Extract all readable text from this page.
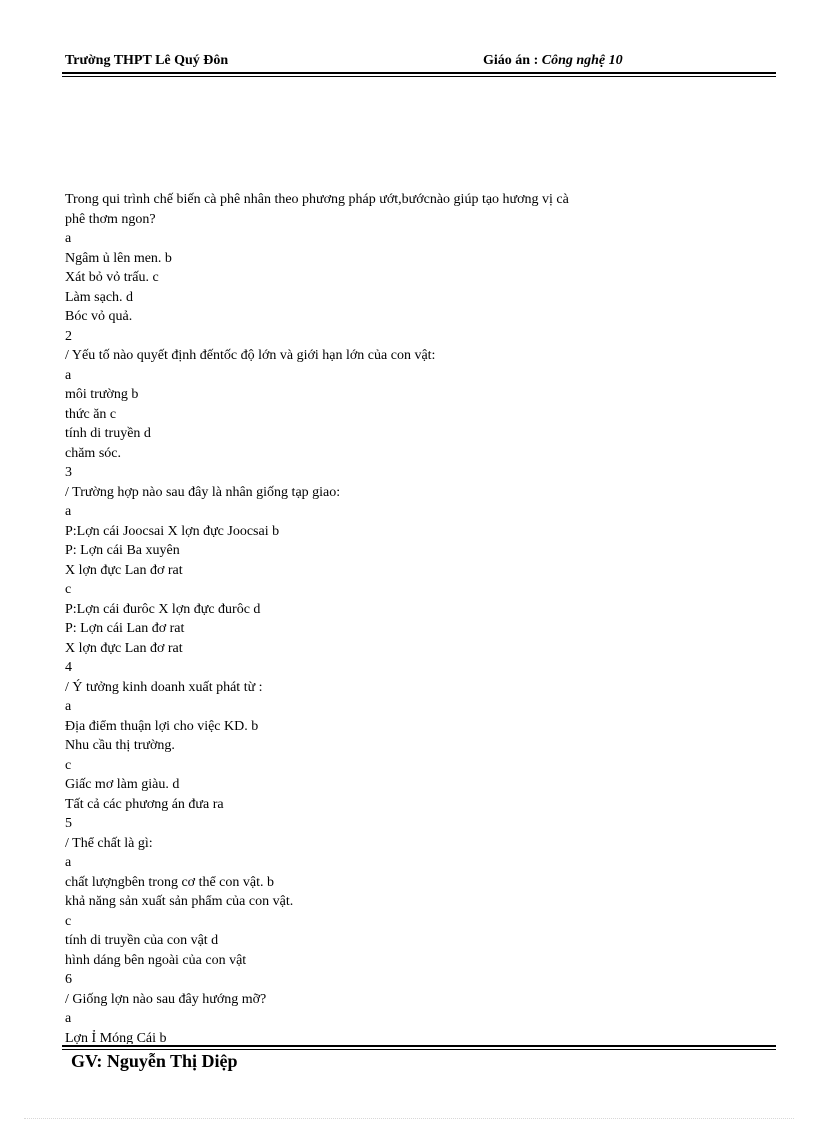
Trường THPT Lê Quý Đôn	Giáo án : Công nghệ 10
Trong qui trình chế biến cà phê nhân theo phương pháp ướt,bướcnào giúp tạo hương vị cà
phê thơm ngon?
a
Ngâm ủ lên men. b
Xát bỏ vỏ trấu. c
Làm sạch. d
Bóc vỏ quả.
2
/ Yếu tố nào quyết định đếntốc độ lớn và giới hạn lớn của con vật:
a
môi trường b
thức ăn c
tính di truyền d
chăm sóc.
3
/ Trường hợp nào sau đây là nhân giống tạp giao:
a
P:Lợn cái Joocsai X lợn đực Joocsai b
P: Lợn cái Ba xuyên
X lợn đực Lan đơ rat
c
P:Lợn cái đurôc X lợn đực đurôc d
P: Lợn cái Lan đơ rat
X lợn đực Lan đơ rat
4
/ Ý tưởng kinh doanh xuất phát từ :
a
Địa điểm thuận lợi cho việc KD. b
Nhu cầu thị trường.
c
Giấc mơ làm giàu. d
Tất cả các phương án đưa ra
5
/ Thể chất là gì:
a
chất lượngbên trong cơ thể con vật. b
khả năng sản xuất sản phẩm của con vật.
c
tính di truyền của con vật d
hình dáng bên ngoài của con vật
6
/ Giống lợn nào sau đây hướng mỡ?
a
Lợn Ỉ Móng Cái b
GV: Nguyễn Thị Diệp
